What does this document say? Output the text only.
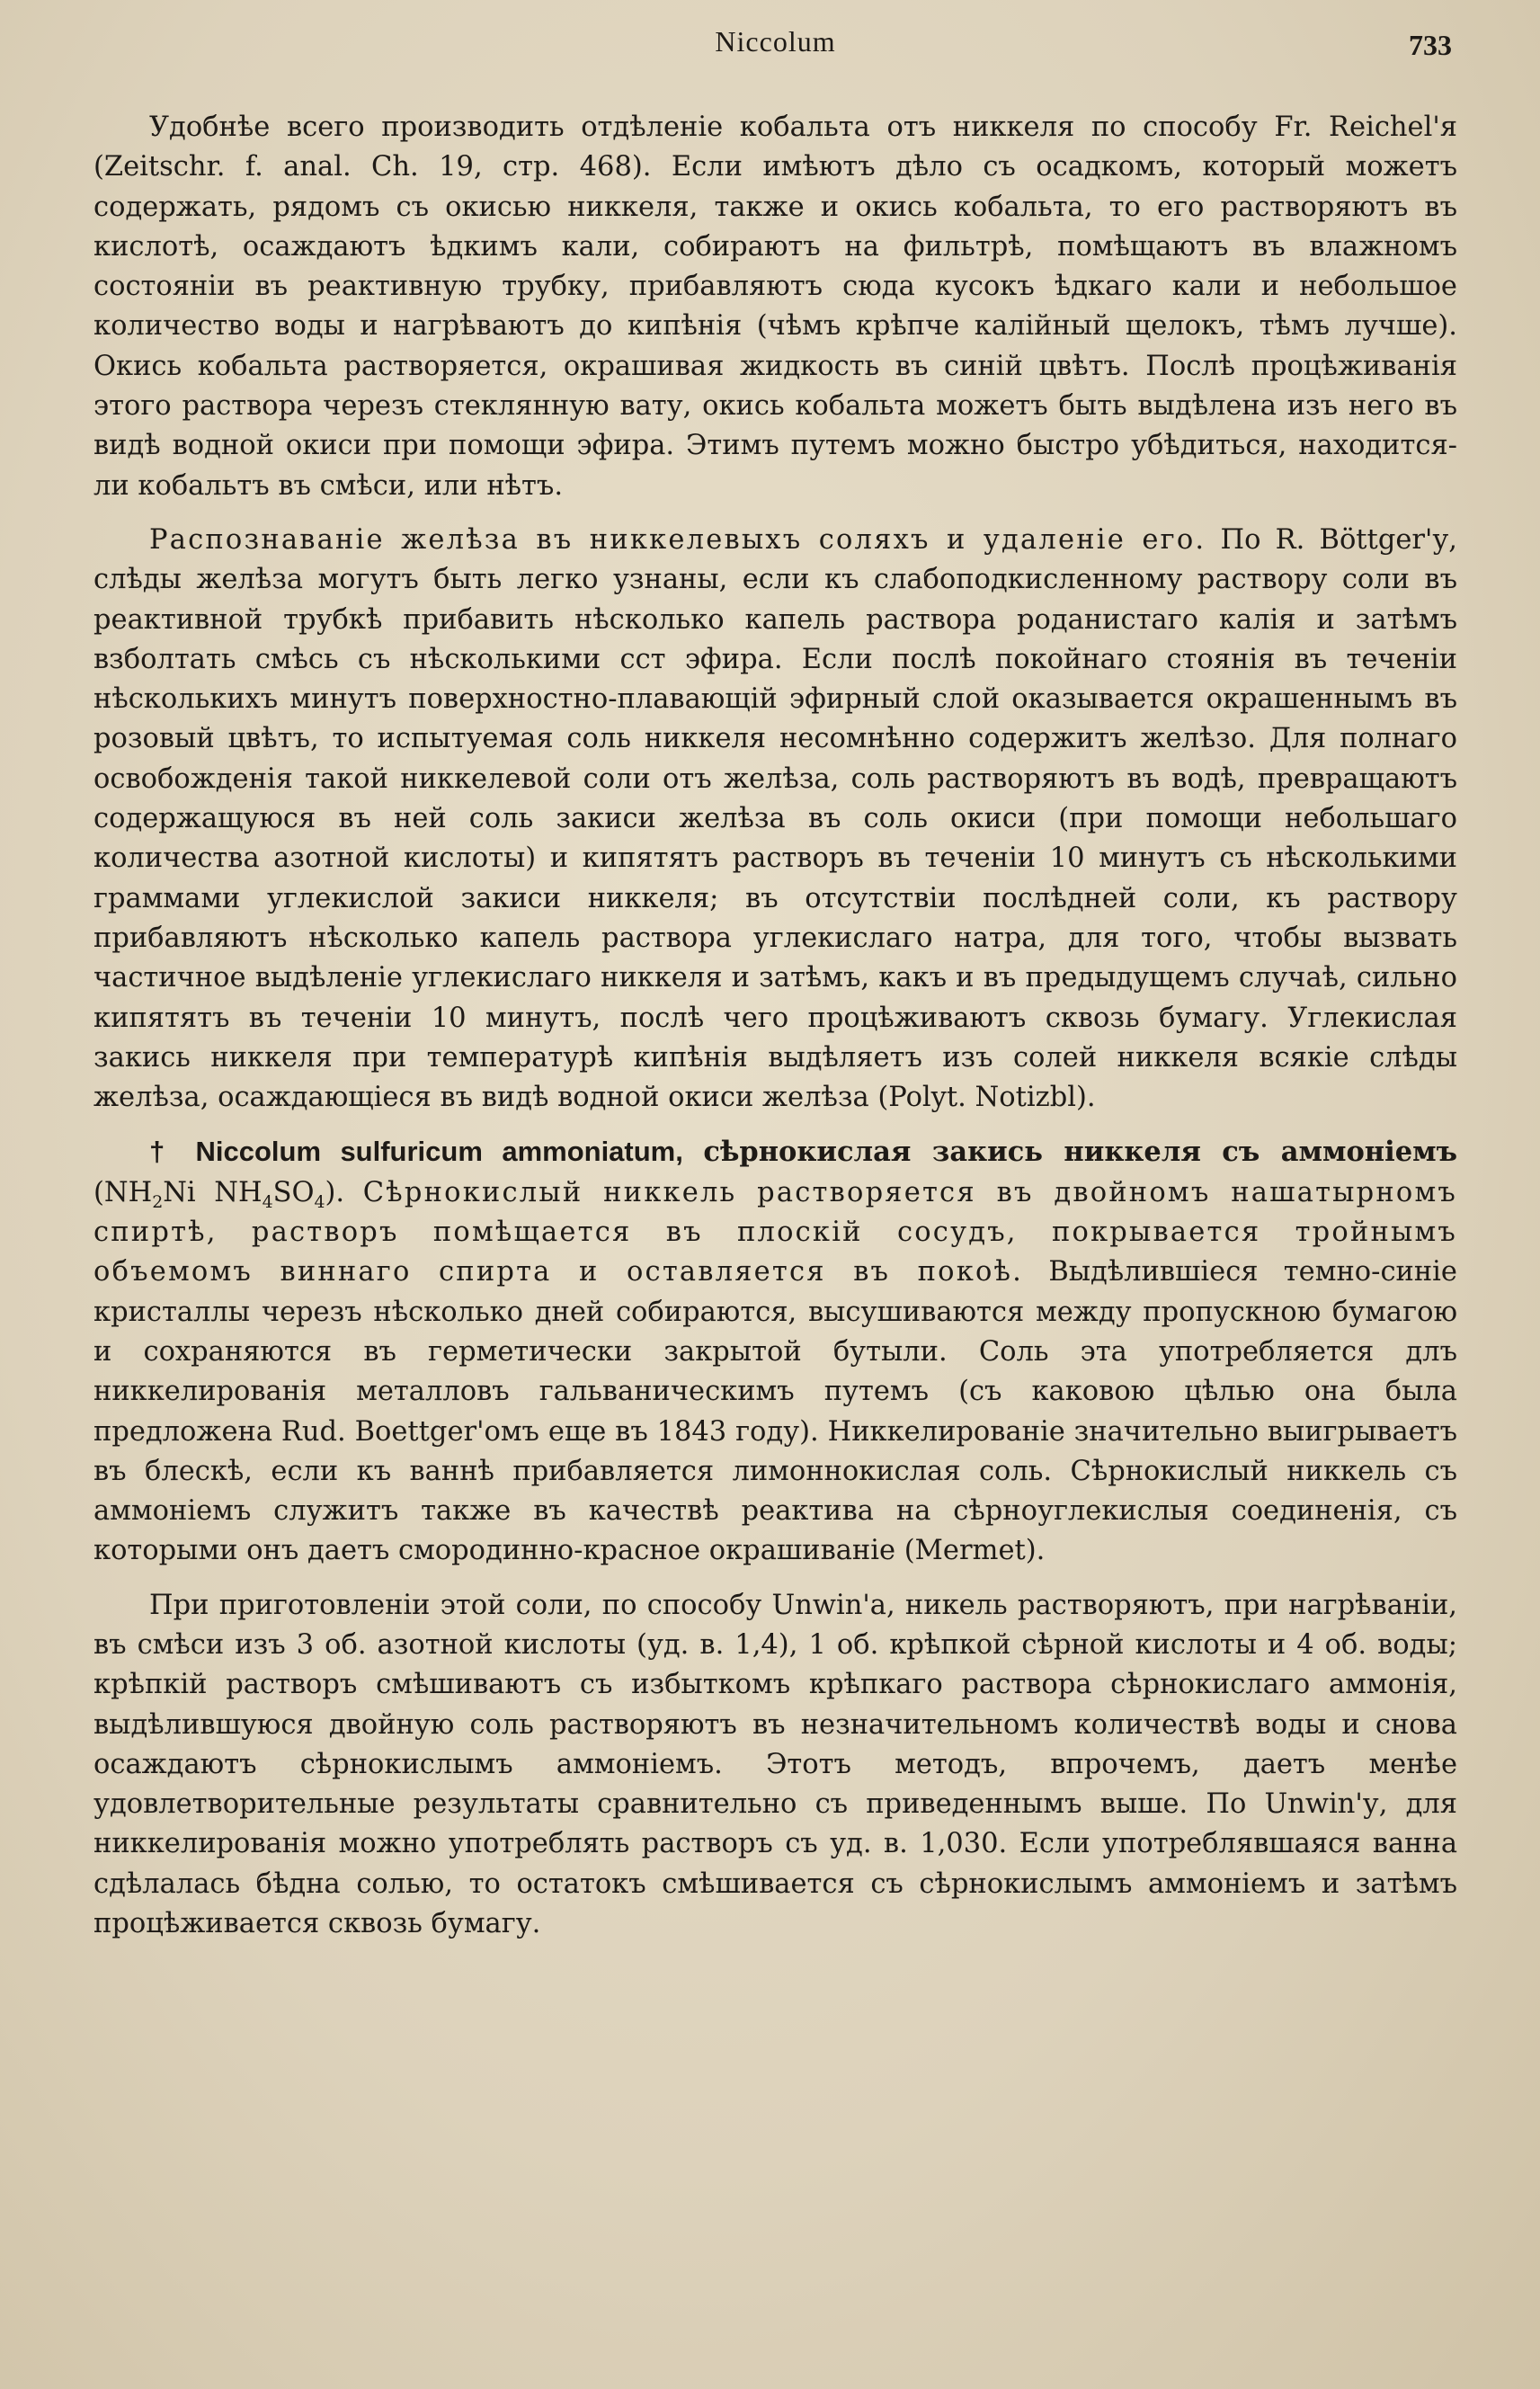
Niccolum	733

Удобнѣе всего производить отдѣленіе кобальта отъ никкеля по способу Fr. Reichel'я (Zeitschr. f. anal. Ch. 19, стр. 468). Если имѣютъ дѣло съ осадкомъ, который можетъ содержать, рядомъ съ окисью никкеля, также и окись кобальта, то его растворяютъ въ кислотѣ, осаждаютъ ѣдкимъ кали, собираютъ на фильтрѣ, помѣщаютъ въ влажномъ состояніи въ реактивную трубку, прибавляютъ сюда кусокъ ѣдкаго кали и небольшое количество воды и нагрѣваютъ до кипѣнія (чѣмъ крѣпче калійный щелокъ, тѣмъ лучше). Окись кобальта растворяется, окрашивая жидкость въ синій цвѣтъ. Послѣ процѣживанія этого раствора черезъ стеклянную вату, окись кобальта можетъ быть выдѣлена изъ него въ видѣ водной окиси при помощи эфира. Этимъ путемъ можно быстро убѣдиться, находится-ли кобальтъ въ смѣси, или нѣтъ.

Распознаваніе желѣза въ никкелевыхъ соляхъ и удаленіе его. По R. Böttger'у, слѣды желѣза могутъ быть легко узнаны, если къ слабоподкисленному раствору соли въ реактивной трубкѣ прибавить нѣсколько капель раствора роданистаго калія и затѣмъ взболтать смѣсь съ нѣсколькими сст эфира. Если послѣ покойнаго стоянія въ теченіи нѣсколькихъ минутъ поверхностно-плавающій эфирный слой оказывается окрашеннымъ въ розовый цвѣтъ, то испытуемая соль никкеля несомнѣнно содержитъ желѣзо. Для полнаго освобожденія такой никкелевой соли отъ желѣза, соль растворяютъ въ водѣ, превращаютъ содержащуюся въ ней соль закиси желѣза въ соль окиси (при помощи небольшаго количества азотной кислоты) и кипятятъ растворъ въ теченіи 10 минутъ съ нѣсколькими граммами углекислой закиси никкеля; въ отсутствіи послѣдней соли, къ раствору прибавляютъ нѣсколько капель раствора углекислаго натра, для того, чтобы вызвать частичное выдѣленіе углекислаго никкеля и затѣмъ, какъ и въ предыдущемъ случаѣ, сильно кипятятъ въ теченіи 10 минутъ, послѣ чего процѣживаютъ сквозь бумагу. Углекислая закись никкеля при температурѣ кипѣнія выдѣляетъ изъ солей никкеля всякіе слѣды желѣза, осаждающіеся въ видѣ водной окиси желѣза (Polyt. Notizbl).

† Niccolum sulfuricum ammoniatum, сѣрнокислая закись никкеля съ аммоніемъ ($NH_2Ni$ $NH_4SO_4$). Сѣрнокислый никкель растворяется въ двойномъ нашатырномъ спиртѣ, растворъ помѣщается въ плоскій сосудъ, покрывается тройнымъ объемомъ виннаго спирта и оставляется въ покоѣ. Выдѣлившіеся темно-синіе кристаллы черезъ нѣсколько дней собираются, высушиваются между пропускною бумагою и сохраняются въ герметически закрытой бутыли. Соль эта употребляется длъ никкелированія металловъ гальваническимъ путемъ (съ каковою цѣлью она была предложена Rud. Boettger'омъ еще въ 1843 году). Никкелированіе значительно выигрываетъ въ блескѣ, если къ ваннѣ прибавляется лимоннокислая соль. Сѣрнокислый никкель съ аммоніемъ служитъ также въ качествѣ реактива на сѣрноуглекислыя соединенія, съ которыми онъ даетъ смородинно-красное окрашиваніе (Mermet).

При приготовленіи этой соли, по способу Unwin'а, никель растворяютъ, при нагрѣваніи, въ смѣси изъ 3 об. азотной кислоты (уд. в. 1,4), 1 об. крѣпкой сѣрной кислоты и 4 об. воды; крѣпкій растворъ смѣшиваютъ съ избыткомъ крѣпкаго раствора сѣрнокислаго аммонія, выдѣлившуюся двойную соль растворяютъ въ незначительномъ количествѣ воды и снова осаждаютъ сѣрнокислымъ аммоніемъ. Этотъ методъ, впрочемъ, даетъ менѣе удовлетворительные результаты сравнительно съ приведеннымъ выше. По Unwin'у, для никкелированія можно употреблять растворъ съ уд. в. 1,030. Если употреблявшаяся ванна сдѣлалась бѣдна солью, то остатокъ смѣшивается съ сѣрнокислымъ аммоніемъ и затѣмъ процѣживается сквозь бумагу.
